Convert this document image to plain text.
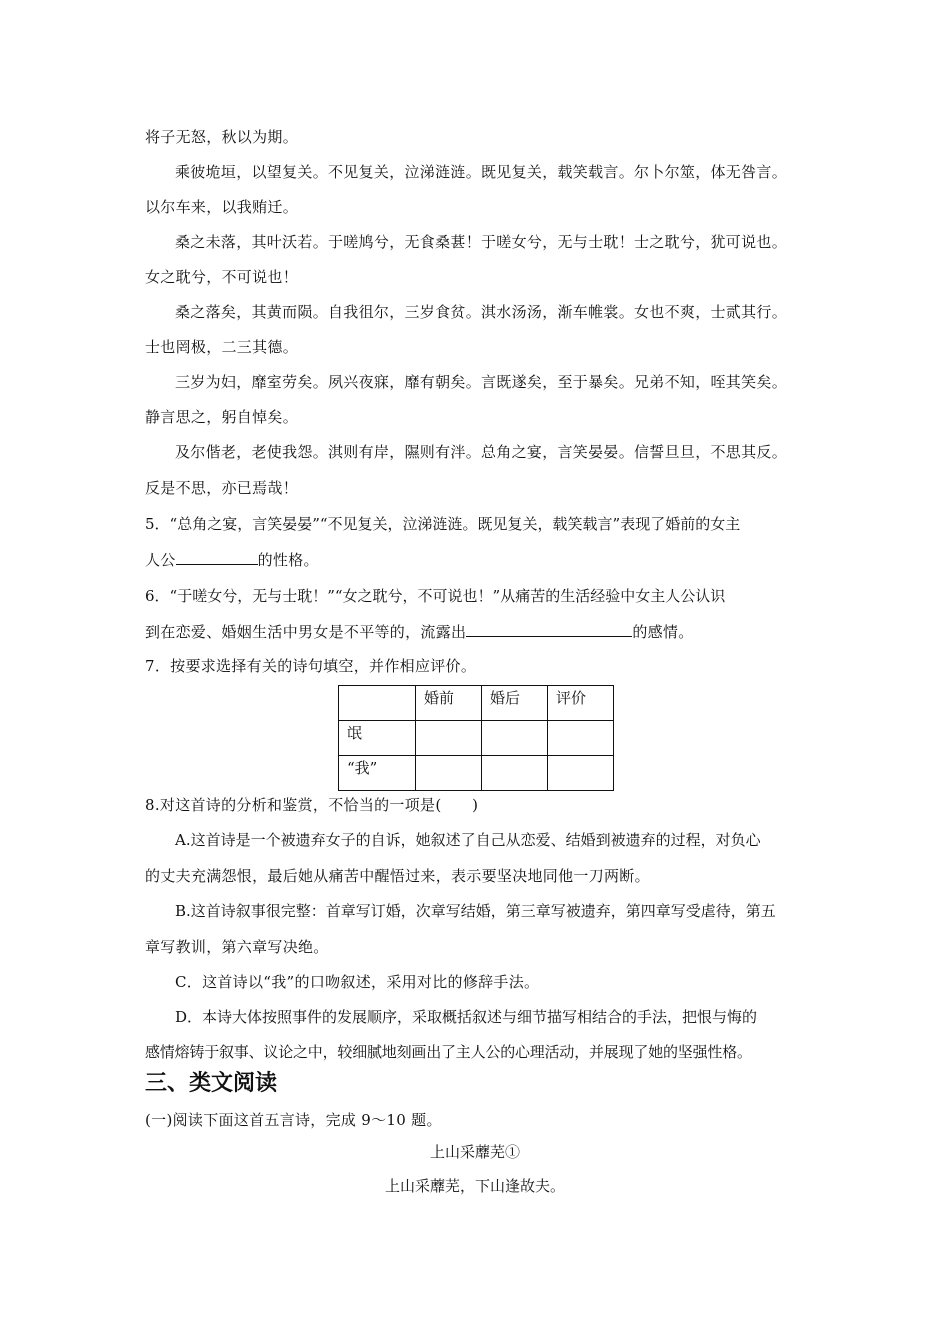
将子无怒，秋以为期。
乘彼垝垣，以望复关。不见复关，泣涕涟涟。既见复关，载笑载言。尔卜尔筮，体无咎言。
以尔车来，以我贿迁。
桑之未落，其叶沃若。于嗟鸠兮，无食桑葚！于嗟女兮，无与士耽！士之耽兮，犹可说也。
女之耽兮，不可说也！
桑之落矣，其黄而陨。自我徂尔，三岁食贫。淇水汤汤，渐车帷裳。女也不爽，士贰其行。
士也罔极，二三其德。
三岁为妇，靡室劳矣。夙兴夜寐，靡有朝矣。言既遂矣，至于暴矣。兄弟不知，咥其笑矣。
静言思之，躬自悼矣。
及尔偕老，老使我怨。淇则有岸，隰则有泮。总角之宴，言笑晏晏。信誓旦旦，不思其反。
反是不思，亦已焉哉！
5．“总角之宴，言笑晏晏”“不见复关，泣涕涟涟。既见复关，载笑载言”表现了婚前的女主
人公	的性格。
6．“于嗟女兮，无与士耽！”“女之耽兮，不可说也！”从痛苦的生活经验中女主人公认识
到在恋爱、婚姻生活中男女是不平等的，流露出	的感情。
7．按要求选择有关的诗句填空，并作相应评价。
	婚前	婚后	评价
氓			
“我”			
8.对这首诗的分析和鉴赏，不恰当的一项是(　　)
A.这首诗是一个被遗弃女子的自诉，她叙述了自己从恋爱、结婚到被遗弃的过程，对负心
的丈夫充满怨恨，最后她从痛苦中醒悟过来，表示要坚决地同他一刀两断。
B.这首诗叙事很完整：首章写订婚，次章写结婚，第三章写被遗弃，第四章写受虐待，第五
章写教训，第六章写决绝。
C．这首诗以“我”的口吻叙述，采用对比的修辞手法。
D．本诗大体按照事件的发展顺序，采取概括叙述与细节描写相结合的手法，把恨与悔的
感情熔铸于叙事、议论之中，较细腻地刻画出了主人公的心理活动，并展现了她的坚强性格。
三、类文阅读
(一)阅读下面这首五言诗，完成 9～10 题。
上山采蘼芜①
上山采蘼芜，下山逢故夫。
